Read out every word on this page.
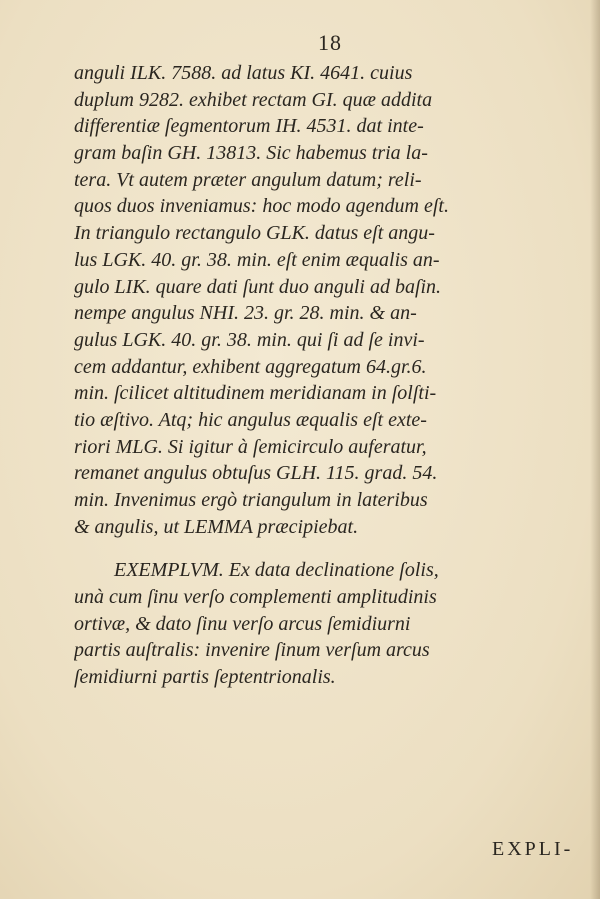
18
anguli ILK. 7588. ad latus KI. 4641. cuius
duplum 9282. exhibet rectam GI. quæ addita
differentiæ ſegmentorum IH. 4531. dat inte-
gram baſin GH. 13813. Sic habemus tria la-
tera. Vt autem præter angulum datum; reli-
quos duos inveniamus: hoc modo agendum eſt.
In triangulo rectangulo GLK. datus eſt angu-
lus LGK. 40. gr. 38. min. eſt enim æqualis an-
gulo LIK. quare dati ſunt duo anguli ad baſin.
nempe angulus NHI. 23. gr. 28. min. & an-
gulus LGK. 40. gr. 38. min. qui ſi ad ſe invi-
cem addantur, exhibent aggregatum 64.gr.6.
min. ſcilicet altitudinem meridianam in ſolſti-
tio æſtivo. Atq; hic angulus æqualis eſt exte-
riori MLG. Si igitur à ſemicirculo auferatur,
remanet angulus obtuſus GLH. 115. grad. 54.
min. Invenimus ergò triangulum in lateribus
& angulis, ut LEMMA præcipiebat.
EXEMPLVM. Ex data declinatione ſolis,
unà cum ſinu verſo complementi amplitudinis
ortivæ, & dato ſinu verſo arcus ſemidiurni
partis auſtralis: invenire ſinum verſum arcus
ſemidiurni partis ſeptentrionalis.
EXPLI-
